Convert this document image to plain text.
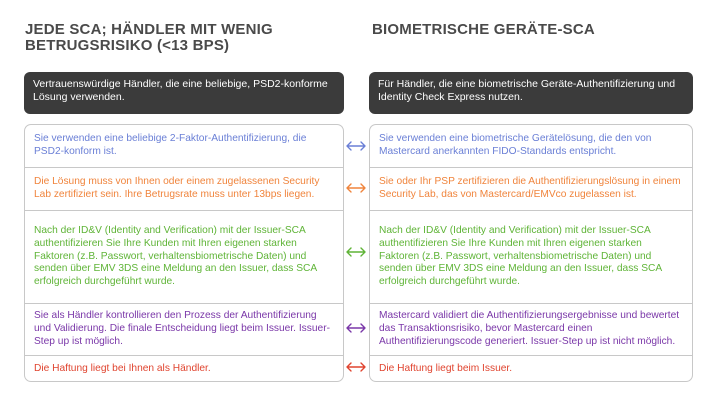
JEDE SCA; HÄNDLER MIT WENIG BETRUGSRISIKO (<13 BPS)
BIOMETRISCHE GERÄTE-SCA
Vertrauenswürdige Händler, die eine beliebige, PSD2-konforme Lösung verwenden.
Für Händler, die eine biometrische Geräte-Authentifizierung und Identity Check Express nutzen.
Sie verwenden eine beliebige 2-Faktor-Authentifizierung, die PSD2-konform ist.
Die Lösung muss von Ihnen oder einem zugelassenen Security Lab zertifiziert sein. Ihre Betrugsrate muss unter 13bps liegen.
Nach der ID&V (Identity and Verification) mit der Issuer-SCA authentifizieren Sie Ihre Kunden mit Ihren eigenen starken Faktoren (z.B. Passwort, verhaltensbiometrische Daten) und senden über EMV 3DS eine Meldung an den Issuer, dass SCA erfolgreich durchgeführt wurde.
Sie als Händler kontrollieren den Prozess der Authentifizierung und Validierung. Die finale Entscheidung liegt beim Issuer. Issuer-Step up ist möglich.
Die Haftung liegt bei Ihnen als Händler.
Sie verwenden eine biometrische Gerätelösung, die den von Mastercard anerkannten FIDO-Standards entspricht.
Sie oder Ihr PSP zertifizieren die Authentifizierungslösung in einem Security Lab, das von Mastercard/EMVco zugelassen ist.
Nach der ID&V (Identity and Verification) mit der Issuer-SCA authentifizieren Sie Ihre Kunden mit Ihren eigenen starken Faktoren (z.B. Passwort, verhaltensbiometrische Daten) und senden über EMV 3DS eine Meldung an den Issuer, dass SCA erfolgreich durchgeführt wurde.
Mastercard validiert die Authentifizierungsergebnisse und bewertet das Transaktionsrisiko, bevor Mastercard einen Authentifizierungscode generiert. Issuer-Step up ist nicht möglich.
Die Haftung liegt beim Issuer.
